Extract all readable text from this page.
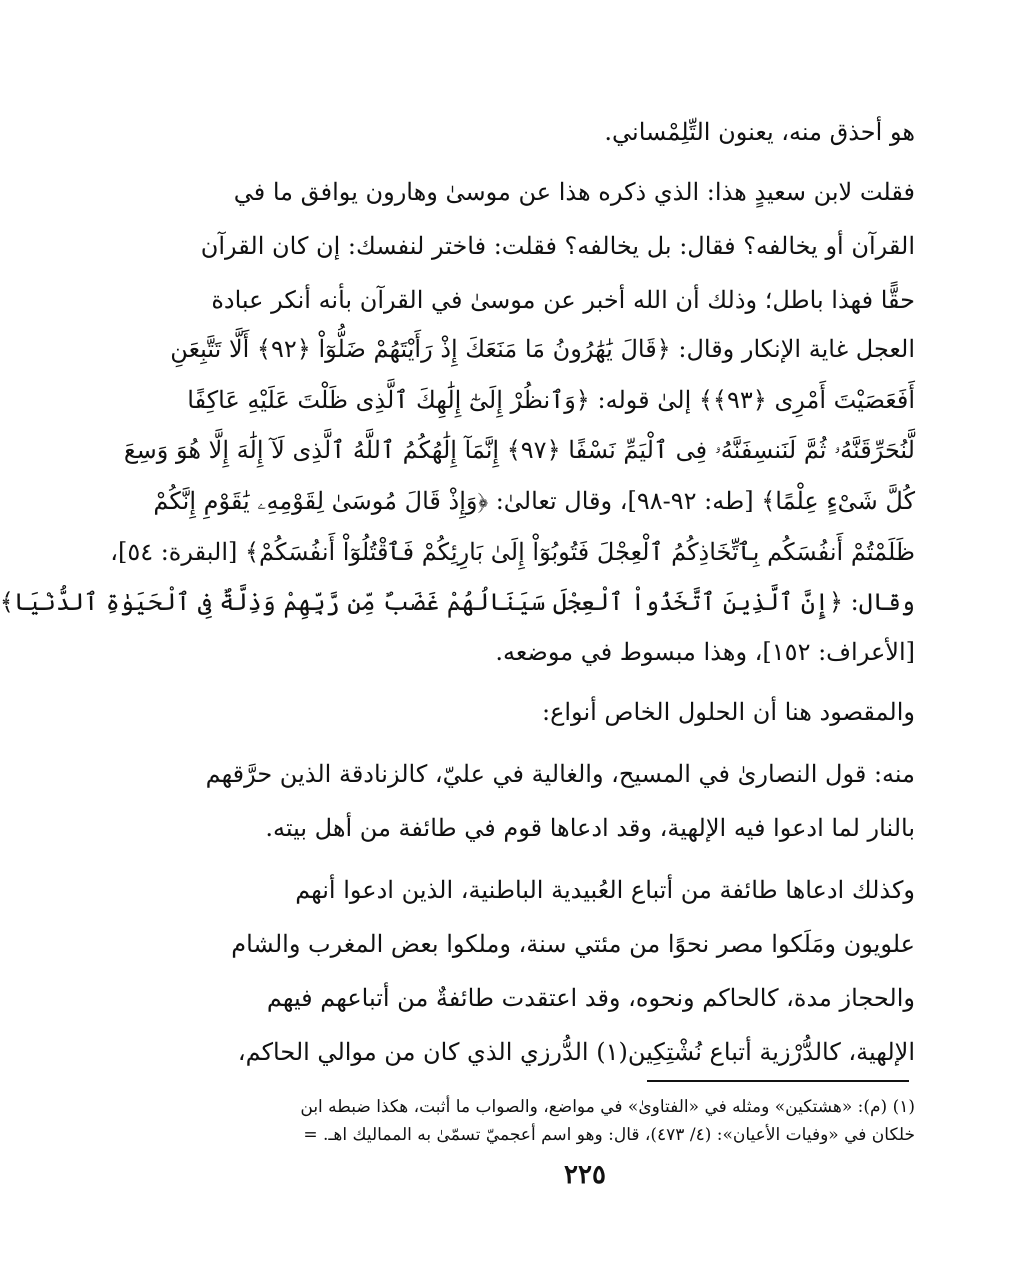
هو أحذق منه، يعنون التِّلِمْساني.
فقلت لابن سعيدٍ هذا: الذي ذكره هذا عن موسىٰ وهارون يوافق ما في
القرآن أو يخالفه؟ فقال: بل يخالفه؟ فقلت: فاختر لنفسك: إن كان القرآن
حقًّا فهذا باطل؛ وذلك أن الله أخبر عن موسىٰ في القرآن بأنه أنكر عبادة
العجل غاية الإنكار وقال: ﴿قَالَ يَٰهَٰرُونُ مَا مَنَعَكَ إِذْ رَأَيْتَهُمْ ضَلُّوٓاْ ﴿٩٢﴾ أَلَّا تَتَّبِعَنِ
أَفَعَصَيْتَ أَمْرِى ﴿٩٣﴾﴾ إلىٰ قوله: ﴿وَٱنظُرْ إِلَىٰٓ إِلَٰهِكَ ٱلَّذِى ظَلْتَ عَلَيْهِ عَاكِفًا
لَّنُحَرِّقَنَّهُۥ ثُمَّ لَنَنسِفَنَّهُۥ فِى ٱلْيَمِّ نَسْفًا ﴿٩٧﴾ إِنَّمَآ إِلَٰهُكُمُ ٱللَّهُ ٱلَّذِى لَآ إِلَٰهَ إِلَّا هُوَ وَسِعَ
كُلَّ شَىْءٍ عِلْمًا﴾ [طه: ٩٢-٩٨]، وقال تعالىٰ: ﴿وَإِذْ قَالَ مُوسَىٰ لِقَوْمِهِۦ يَٰقَوْمِ إِنَّكُمْ
ظَلَمْتُمْ أَنفُسَكُم بِٱتِّخَاذِكُمُ ٱلْعِجْلَ فَتُوبُوٓاْ إِلَىٰ بَارِئِكُمْ فَٱقْتُلُوٓاْ أَنفُسَكُمْ﴾ [البقرة: ٥٤]،
وقال: ﴿إِنَّ ٱلَّذِينَ ٱتَّخَذُواْ ٱلْعِجْلَ سَيَنَالُهُمْ غَضَبٌ مِّن رَّبِّهِمْ وَذِلَّةٌ فِى ٱلْحَيَوٰةِ ٱلدُّنْيَا﴾
[الأعراف: ١٥٢]، وهذا مبسوط في موضعه.
والمقصود هنا أن الحلول الخاص أنواع:
منه: قول النصارىٰ في المسيح، والغالية في عليّ، كالزنادقة الذين حرَّقهم
بالنار لما ادعوا فيه الإلهية، وقد ادعاها قوم في طائفة من أهل بيته.
وكذلك ادعاها طائفة من أتباع العُبيدية الباطنية، الذين ادعوا أنهم
علويون ومَلَكوا مصر نحوًا من مئتي سنة، وملكوا بعض المغرب والشام
والحجاز مدة، كالحاكم ونحوه، وقد اعتقدت طائفةٌ من أتباعهم فيهم
الإلهية، كالدُّرْزية أتباع نُشْتِكِين(١) الدُّرزي الذي كان من موالي الحاكم،
(١) (م): «هشتكين» ومثله في «الفتاوىٰ» في مواضع، والصواب ما أثبت، هكذا ضبطه ابن
خلكان في «وفيات الأعيان»: (٤/ ٤٧٣)، قال: وهو اسم أعجميّ تسمّىٰ به المماليك اهـ. =
٢٢٥
